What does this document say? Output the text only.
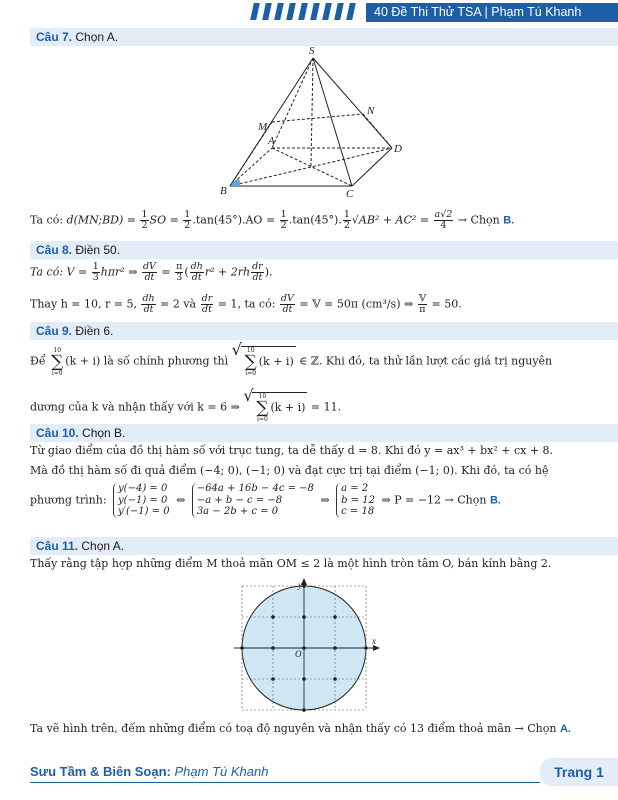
40 Đề Thi Thử TSA | Phạm Tú Khanh
Câu 7. Chọn A.
S
M
N
A
D
B	C
Ta có: d(MN;BD) = $\frac{1}{2}$ SO = $\frac{1}{2} .\tan(45^\circ).AO = \frac{1}{2} .\tan(45^\circ)$. $\frac{1}{2} √AB^2 + AC^2 = \frac{a√2}{4}$ → Chọn B.
Câu 8. Điền 50.
Ta có: $V = \frac{1}{3} h\pi r^2$ ⇒ $\frac{dV}{dt} = \frac{\pi}{3}$ ( $\frac{dh}{dt} r^2 + 2rh \frac{dr}{dt}$ ).
Thay h = 10, r = 5, $\frac{dh}{dt} = 2$ và $\frac{dr}{dt} = 1$, ta có: $\frac{dV}{dt}$ = 𝕍 = 50π (cm³/s) ⇒ $\frac{\text{𝕍}}{\pi} = 50$.
Câu 9. Điền 6.
Để 10
∑
i=0(k + i) là số chính phương thì √ 10
∑
i=0(k + i) ∈ ℤ. Khi đó, ta thử lần lượt các giá trị nguyên
dương của k và nhận thấy với k = 6 ⇒ √ 10
∑
i=0(k + i) = 11.
Câu 10. Chọn B.
Từ giao điểm của đồ thị hàm số với trục tung, ta dễ thấy d = 8. Khi đó y = ax³ + bx² + cx + 8.
Mà đồ thị hàm số đi quả điểm (−4; 0), (−1; 0) và đạt cực trị tại điểm (−1; 0). Khi đó, ta có hệ
phương trình:
y(−4) = 0
y(−1) = 0
y′(−1) = 0
⇔
−64a + 16b − 4c = −8
−a + b − c = −8
3a − 2b + c = 0
⇒
a = 2
b = 12
c = 18
⇒ P = −12 → Chọn B.
Câu 11. Chọn A.
Thấy rằng tập hợp những điểm M thoả mãn OM ≤ 2 là một hình tròn tâm O, bán kính bằng 2.
y
x
O
Ta vẽ hình trên, đếm những điểm có toạ độ nguyên và nhận thấy có 13 điểm thoả mãn → Chọn A.
Sưu Tầm & Biên Soạn: Phạm Tú Khanh	Trang 1
